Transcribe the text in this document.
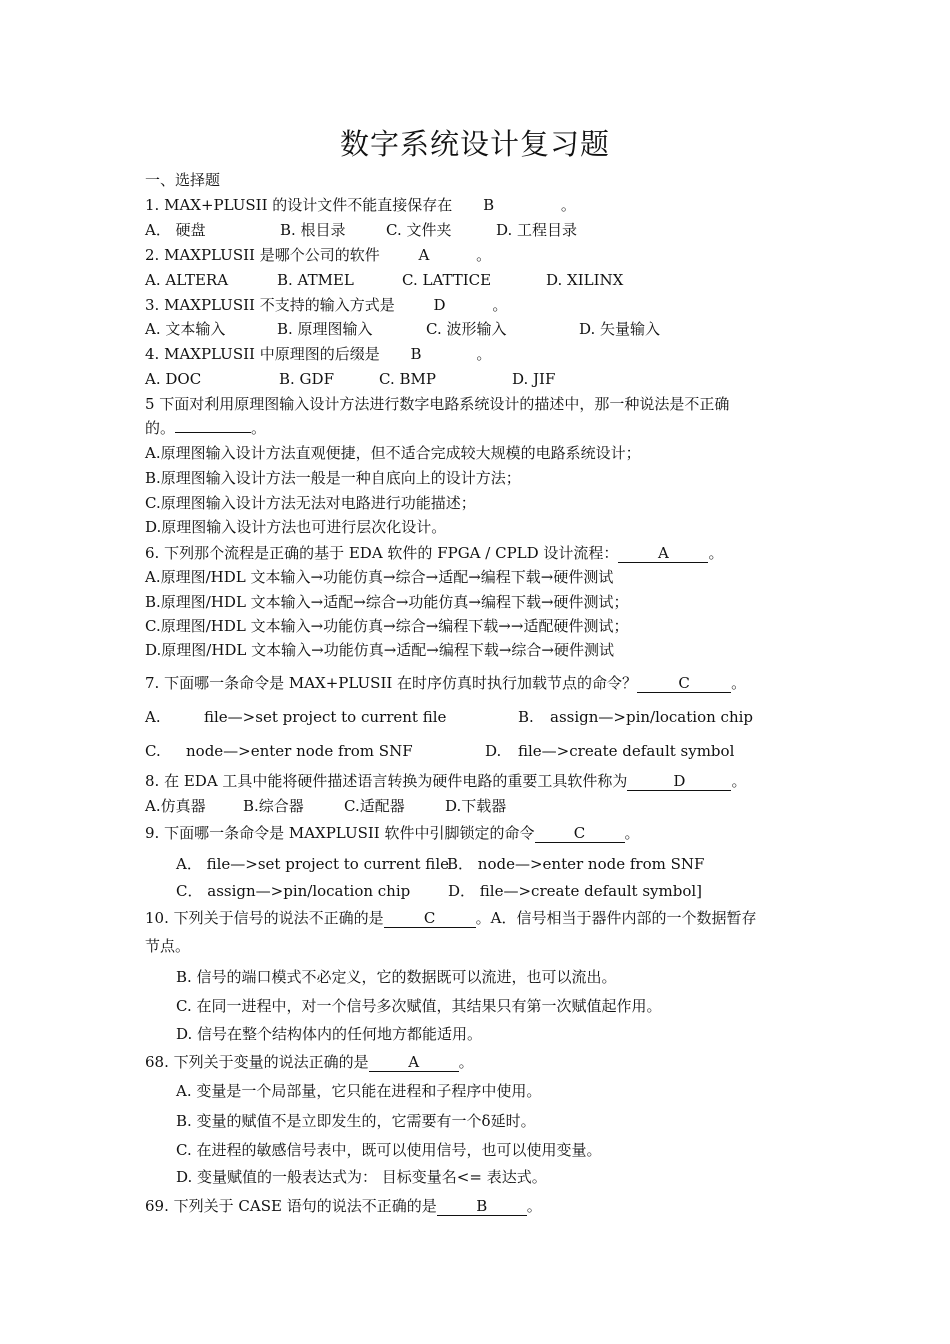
数字系统设计复习题
一、选择题
1. MAX+PLUSII 的设计文件不能直接保存在 B	。
A． 硬盘	B. 根目录	C. 文件夹	D. 工程目录
2. MAXPLUSII 是哪个公司的软件	A	。
A. ALTERA	B. ATMEL	C. LATTICE	D. XILINX
3. MAXPLUSII 不支持的输入方式是	D	。
A. 文本输入	B. 原理图输入	C. 波形输入	D. 矢量输入
4. MAXPLUSII 中原理图的后缀是 B	。
A. DOC	B. GDF	C. BMP	D. JIF
5 下面对利用原理图输入设计方法进行数字电路系统设计的描述中，那一种说法是不正确
的。	。
A.原理图输入设计方法直观便捷，但不适合完成较大规模的电路系统设计；
B.原理图输入设计方法一般是一种自底向上的设计方法；
C.原理图输入设计方法无法对电路进行功能描述；
D.原理图输入设计方法也可进行层次化设计。
6. 下列那个流程是正确的基于 EDA 软件的 FPGA / CPLD 设计流程：	A	。
A.原理图/HDL 文本输入→功能仿真→综合→适配→编程下载→硬件测试
B.原理图/HDL 文本输入→适配→综合→功能仿真→编程下载→硬件测试；
C.原理图/HDL 文本输入→功能仿真→综合→编程下载→→适配硬件测试；
D.原理图/HDL 文本输入→功能仿真→适配→编程下载→综合→硬件测试
7. 下面哪一条命令是 MAX+PLUSII 在时序仿真时执行加载节点的命令？	C	。
A.	file—>set project to current file	B. assign—>pin/location chip
C. node—>enter node from SNF	D. file—>create default symbol
8. 在 EDA 工具中能将硬件描述语言转换为硬件电路的重要工具软件称为	D	。
A.仿真器 B.综合器	C.适配器	D.下载器
9. 下面哪一条命令是 MAXPLUSII 软件中引脚锁定的命令	C	。
A． file—>set project to current file
B． node—>enter node from SNF
C． assign—>pin/location chip	D． file—>create default symbol]
10. 下列关于信号的说法不正确的是	C	。A．信号相当于器件内部的一个数据暂存
节点。
B. 信号的端口模式不必定义，它的数据既可以流进，也可以流出。
C. 在同一进程中，对一个信号多次赋值，其结果只有第一次赋值起作用。
D. 信号在整个结构体内的任何地方都能适用。
68. 下列关于变量的说法正确的是	A	。
A. 变量是一个局部量，它只能在进程和子程序中使用。
B. 变量的赋值不是立即发生的，它需要有一个δ延时。
C. 在进程的敏感信号表中，既可以使用信号，也可以使用变量。
D. 变量赋值的一般表达式为： 目标变量名<= 表达式。
69. 下列关于 CASE 语句的说法不正确的是	B	。
